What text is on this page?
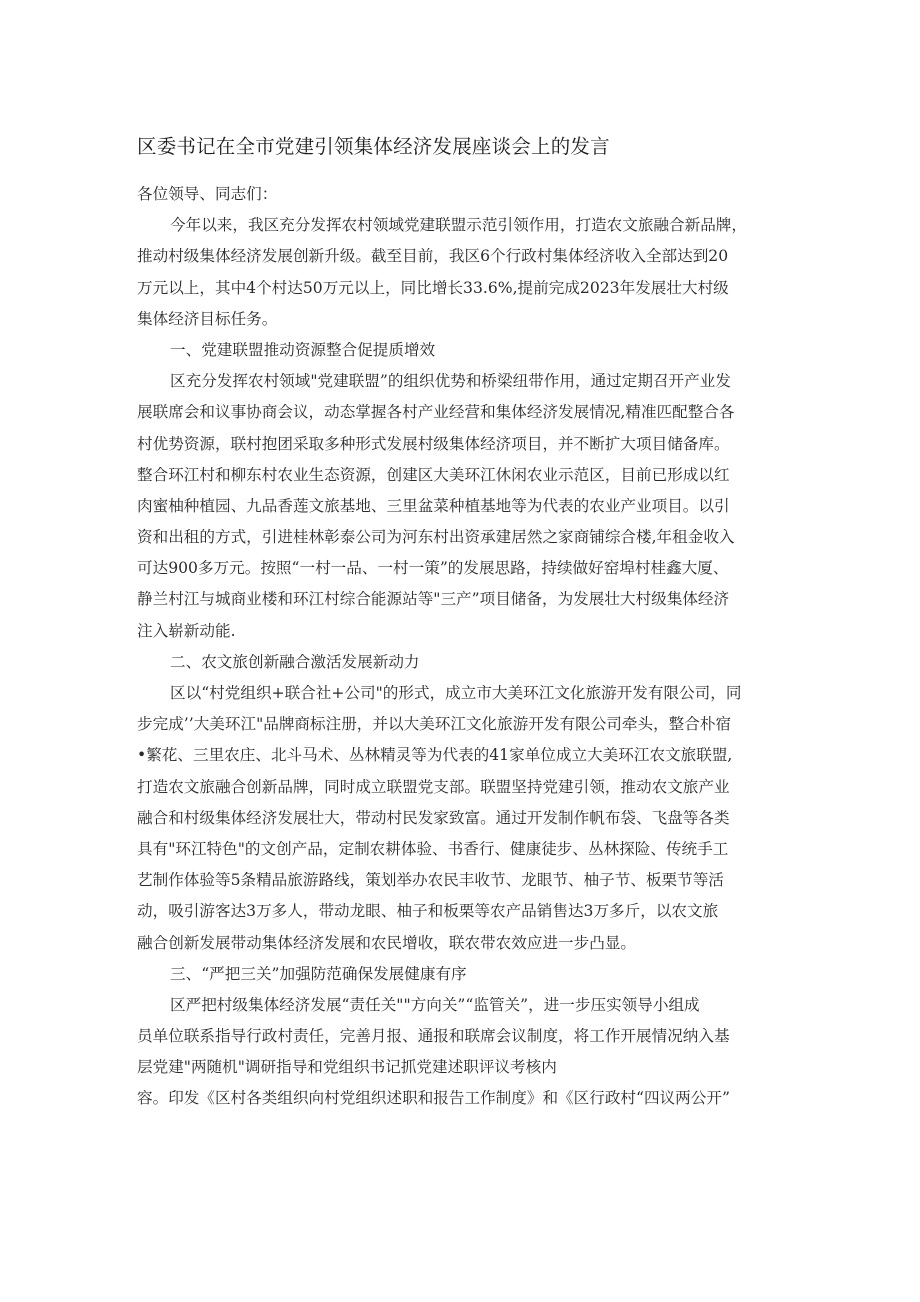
区委书记在全市党建引领集体经济发展座谈会上的发言
各位领导、同志们：
今年以来，我区充分发挥农村领域党建联盟示范引领作用，打造农文旅融合新品牌，
推动村级集体经济发展创新升级。截至目前，我区6个行政村集体经济收入全部达到20
万元以上，其中4个村达50万元以上，同比增长33.6%,提前完成2023年发展壮大村级
集体经济目标任务。
一、党建联盟推动资源整合促提质增效
区充分发挥农村领域"党建联盟”的组织优势和桥梁纽带作用，通过定期召开产业发
展联席会和议事协商会议，动态掌握各村产业经营和集体经济发展情况,精准匹配整合各
村优势资源，联村抱团采取多种形式发展村级集体经济项目，并不断扩大项目储备库。
整合环江村和柳东村农业生态资源，创建区大美环江休闲农业示范区，目前已形成以红
肉蜜柚种植园、九品香莲文旅基地、三里盆菜种植基地等为代表的农业产业项目。以引
资和出租的方式，引进桂林彰泰公司为河东村出资承建居然之家商铺综合楼,年租金收入
可达900多万元。按照“一村一品、一村一策”的发展思路，持续做好窑埠村桂鑫大厦、
静兰村江与城商业楼和环江村综合能源站等"三产”项目储备，为发展壮大村级集体经济
注入崭新动能.
二、农文旅创新融合激活发展新动力
区以“村党组织+联合社+公司"的形式，成立市大美环江文化旅游开发有限公司，同
步完成’’大美环江"品牌商标注册，并以大美环江文化旅游开发有限公司牵头，整合朴宿
•繁花、三里农庄、北斗马术、丛林精灵等为代表的41家单位成立大美环江农文旅联盟,
打造农文旅融合创新品牌，同时成立联盟党支部。联盟坚持党建引领，推动农文旅产业
融合和村级集体经济发展壮大，带动村民发家致富。通过开发制作帆布袋、飞盘等各类
具有"环江特色"的文创产品，定制农耕体验、书香行、健康徒步、丛林探险、传统手工
艺制作体验等5条精品旅游路线，策划举办农民丰收节、龙眼节、柚子节、板栗节等活
动，吸引游客达3万多人，带动龙眼、柚子和板栗等农产品销售达3万多斤，以农文旅
融合创新发展带动集体经济发展和农民增收，联农带农效应进一步凸显。
三、“严把三关”加强防范确保发展健康有序
区严把村级集体经济发展“责任关""方向关”“监管关”，进一步压实领导小组成
员单位联系指导行政村责任，完善月报、通报和联席会议制度，将工作开展情况纳入基
层党建"两随机"调研指导和党组织书记抓党建述职评议考核内
容。印发《区村各类组织向村党组织述职和报告工作制度》和《区行政村“四议两公开”
